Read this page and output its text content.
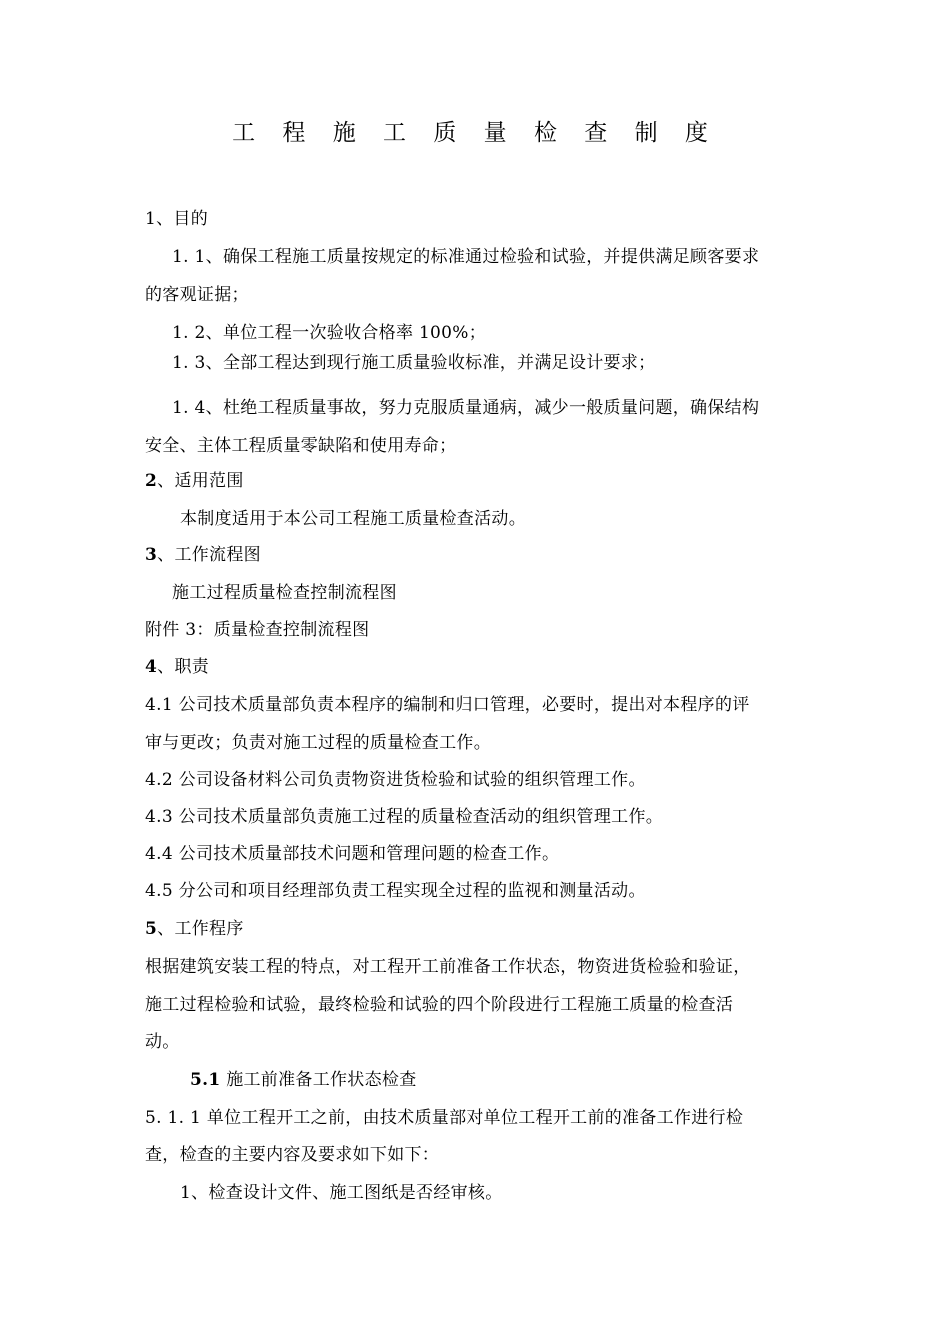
工 程 施 工 质 量 检 查 制 度
1、目的
1. 1、确保工程施工质量按规定的标准通过检验和试验，并提供满足顾客要求
的客观证据；
1. 2、单位工程一次验收合格率 100%；
1. 3、全部工程达到现行施工质量验收标准，并满足设计要求；
1. 4、杜绝工程质量事故，努力克服质量通病，减少一般质量问题，确保结构
安全、主体工程质量零缺陷和使用寿命；
2、适用范围
本制度适用于本公司工程施工质量检查活动。
3、工作流程图
施工过程质量检查控制流程图
附件 3：质量检查控制流程图
4、职责
4.1 公司技术质量部负责本程序的编制和归口管理，必要时，提出对本程序的评
审与更改；负责对施工过程的质量检查工作。
4.2 公司设备材料公司负责物资进货检验和试验的组织管理工作。
4.3 公司技术质量部负责施工过程的质量检查活动的组织管理工作。
4.4 公司技术质量部技术问题和管理问题的检查工作。
4.5 分公司和项目经理部负责工程实现全过程的监视和测量活动。
5、工作程序
根据建筑安装工程的特点，对工程开工前准备工作状态，物资进货检验和验证，
施工过程检验和试验，最终检验和试验的四个阶段进行工程施工质量的检查活
动。
5.1 施工前准备工作状态检查
5. 1. 1 单位工程开工之前，由技术质量部对单位工程开工前的准备工作进行检
查，检查的主要内容及要求如下如下：
1、检查设计文件、施工图纸是否经审核。
